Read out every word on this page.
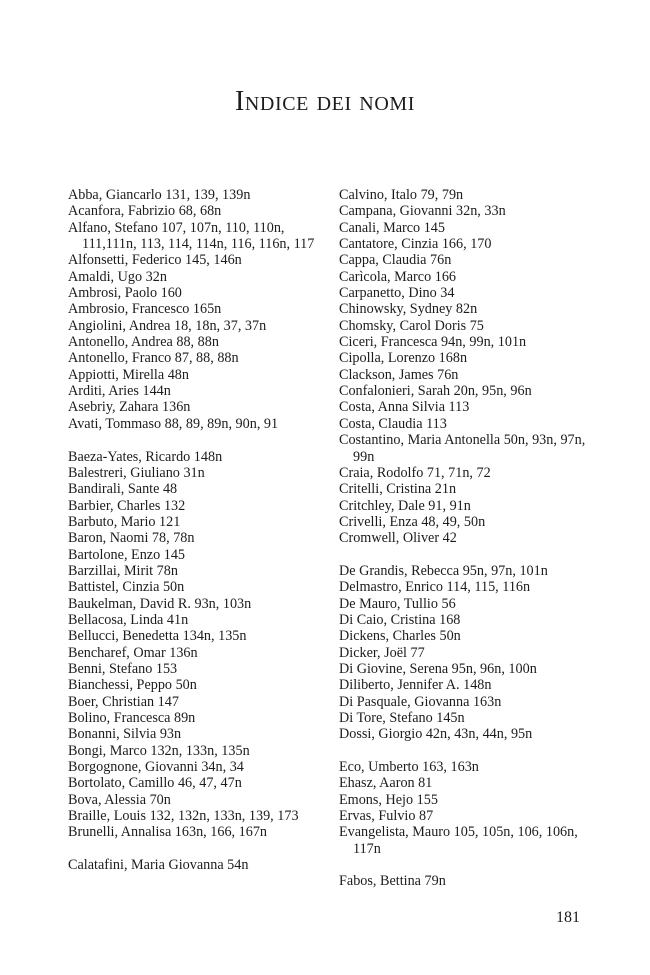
Indice dei nomi
Abba, Giancarlo 131, 139, 139n
Acanfora, Fabrizio 68, 68n
Alfano, Stefano 107, 107n, 110, 110n, 111,111n, 113, 114, 114n, 116, 116n, 117
Alfonsetti, Federico 145, 146n
Amaldi, Ugo 32n
Ambrosi, Paolo 160
Ambrosio, Francesco 165n
Angiolini, Andrea 18, 18n, 37, 37n
Antonello, Andrea 88, 88n
Antonello, Franco 87, 88, 88n
Appiotti, Mirella 48n
Arditi, Aries 144n
Asebriy, Zahara 136n
Avati, Tommaso 88, 89, 89n, 90n, 91
Baeza-Yates, Ricardo 148n
Balestreri, Giuliano 31n
Bandirali, Sante 48
Barbier, Charles 132
Barbuto, Mario 121
Baron, Naomi 78, 78n
Bartolone, Enzo 145
Barzillai, Mirit 78n
Battistel, Cinzia 50n
Baukelman, David R. 93n, 103n
Bellacosa, Linda 41n
Bellucci, Benedetta 134n, 135n
Bencharef, Omar 136n
Benni, Stefano 153
Bianchessi, Peppo 50n
Boer, Christian 147
Bolino, Francesca 89n
Bonanni, Silvia 93n
Bongi, Marco 132n, 133n, 135n
Borgognone, Giovanni 34n, 34
Bortolato, Camillo 46, 47, 47n
Bova, Alessia 70n
Braille, Louis 132, 132n, 133n, 139, 173
Brunelli, Annalisa 163n, 166, 167n
Calatafini, Maria Giovanna 54n
Calvino, Italo 79, 79n
Campana, Giovanni 32n, 33n
Canali, Marco 145
Cantatore, Cinzia 166, 170
Cappa, Claudia 76n
Carìcola, Marco 166
Carpanetto, Dino 34
Chinowsky, Sydney 82n
Chomsky, Carol Doris 75
Ciceri, Francesca 94n, 99n, 101n
Cipolla, Lorenzo 168n
Clackson, James 76n
Confalonieri, Sarah 20n, 95n, 96n
Costa, Anna Silvia 113
Costa, Claudia 113
Costantino, Maria Antonella 50n, 93n, 97n, 99n
Craia, Rodolfo 71, 71n, 72
Critelli, Cristina 21n
Critchley, Dale 91, 91n
Crivelli, Enza 48, 49, 50n
Cromwell, Oliver 42
De Grandis, Rebecca 95n, 97n, 101n
Delmastro, Enrico 114, 115, 116n
De Mauro, Tullio 56
Di Caio, Cristina 168
Dickens, Charles 50n
Dicker, Joël 77
Di Giovine, Serena 95n, 96n, 100n
Diliberto, Jennifer A. 148n
Di Pasquale, Giovanna 163n
Di Tore, Stefano 145n
Dossi, Giorgio 42n, 43n, 44n, 95n
Eco, Umberto 163, 163n
Ehasz, Aaron 81
Emons, Hejo 155
Ervas, Fulvio 87
Evangelista, Mauro 105, 105n, 106, 106n, 117n
Fabos, Bettina 79n
181
